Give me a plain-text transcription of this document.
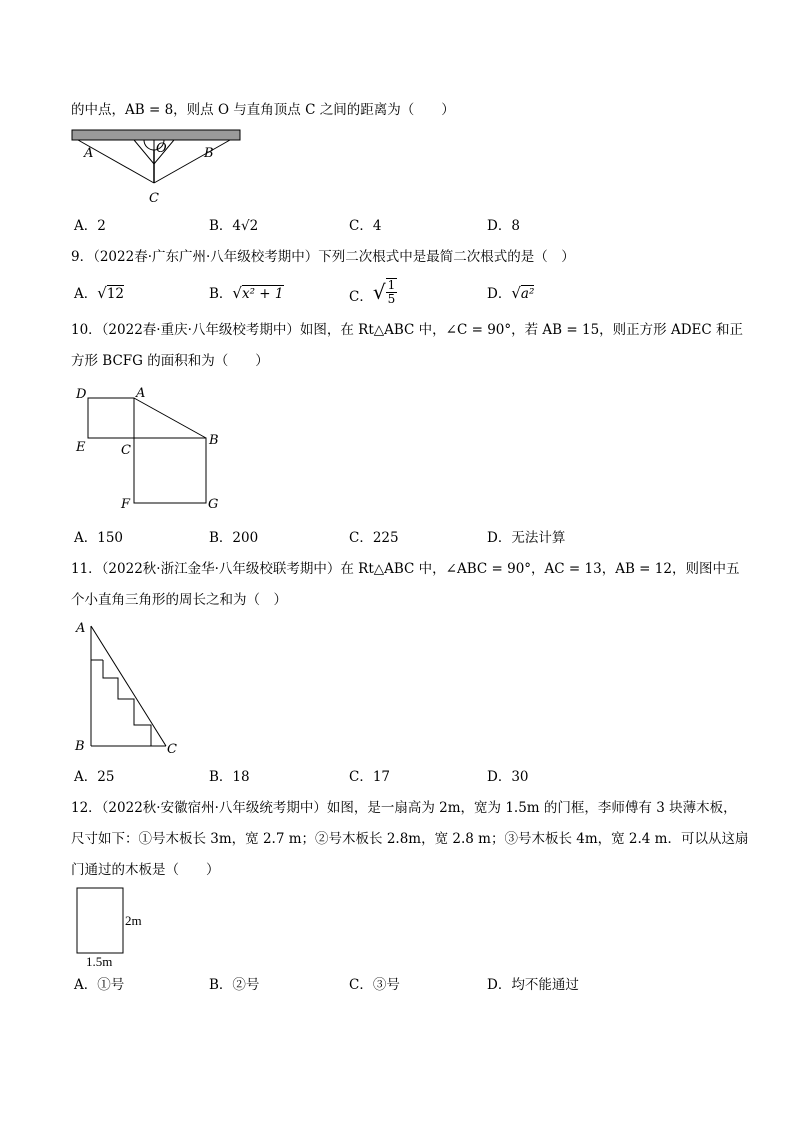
的中点，AB = 8，则点 O 与直角顶点 C 之间的距离为（　　）
A	O	B
C
A．2	B．4√2	C．4	D．8
9．（2022春·广东广州·八年级校考期中）下列二次根式中是最简二次根式的是（　）
A．√12	B．√x² + 1	C．√ $\frac{1}{5}$	D．√a²
10．（2022春·重庆·八年级校考期中）如图，在 Rt△ABC 中，∠C = 90°，若 AB = 15，则正方形 ADEC 和正
方形 BCFG 的面积和为（　　）
D	A
E	C
B
F	G
A．150	B．200	C．225	D．无法计算
11．（2022秋·浙江金华·八年级校联考期中）在 Rt△ABC 中，∠ABC = 90°，AC = 13，AB = 12，则图中五
个小直角三角形的周长之和为（　）
A
B	C
A．25	B．18	C．17	D．30
12．（2022秋·安徽宿州·八年级统考期中）如图，是一扇高为 2m，宽为 1.5m 的门框，李师傅有 3 块薄木板，
尺寸如下：①号木板长 3m，宽 2.7 m；②号木板长 2.8m，宽 2.8 m；③号木板长 4m，宽 2.4 m．可以从这扇
门通过的木板是（　　）
2m
1.5m
A．①号	B．②号	C．③号	D．均不能通过
